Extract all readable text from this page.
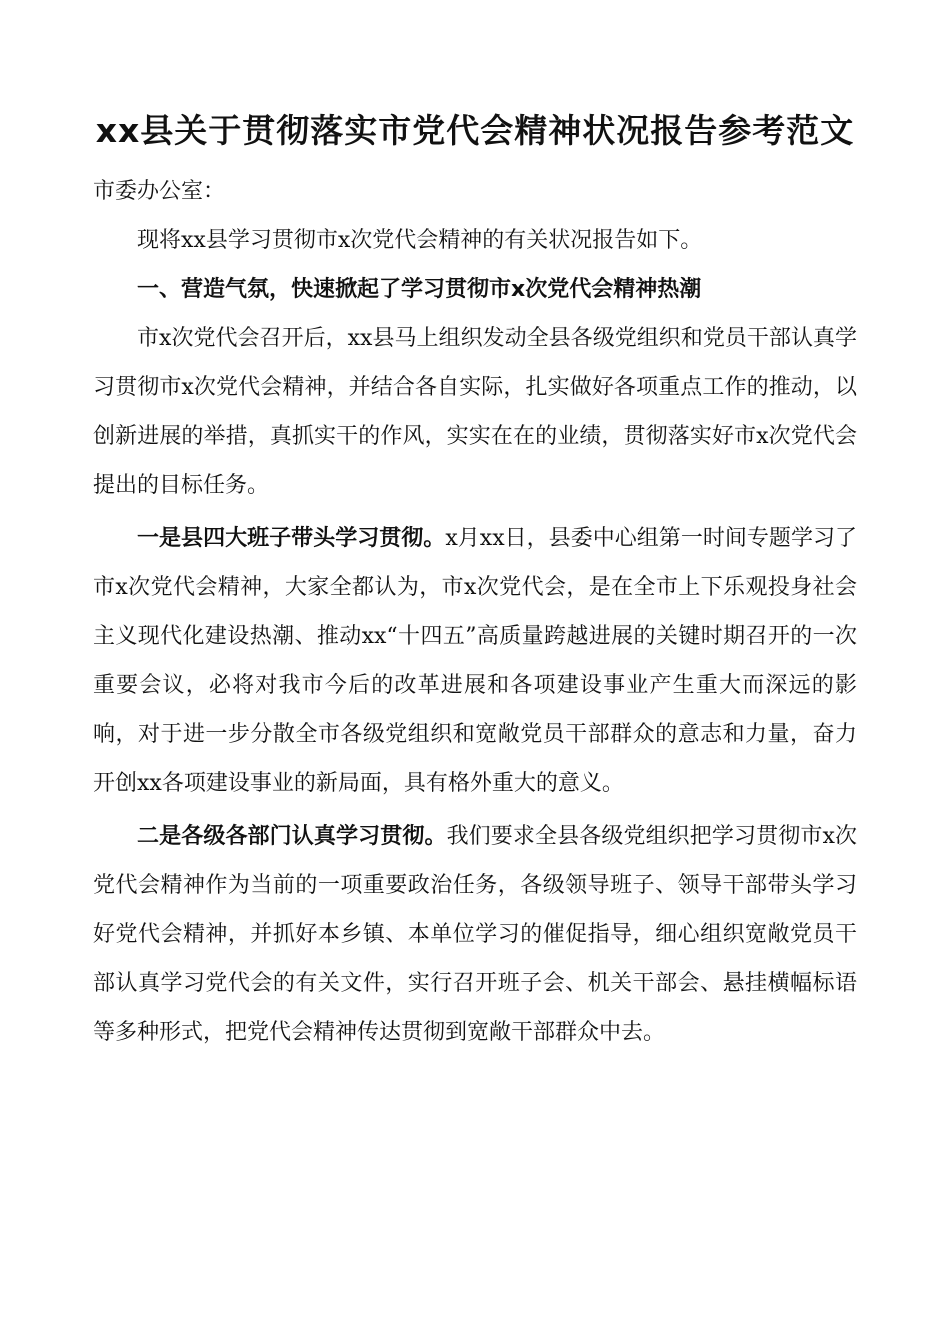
xx县关于贯彻落实市党代会精神状况报告参考范文

市委办公室：

现将xx县学习贯彻市x次党代会精神的有关状况报告如下。

一、营造气氛，快速掀起了学习贯彻市x次党代会精神热潮

市x次党代会召开后，xx县马上组织发动全县各级党组织和党员干部认真学习贯彻市x次党代会精神，并结合各自实际，扎实做好各项重点工作的推动，以创新进展的举措，真抓实干的作风，实实在在的业绩，贯彻落实好市x次党代会提出的目标任务。

一是县四大班子带头学习贯彻。x月xx日，县委中心组第一时间专题学习了市x次党代会精神，大家全都认为，市x次党代会，是在全市上下乐观投身社会主义现代化建设热潮、推动xx“十四五”高质量跨越进展的关键时期召开的一次重要会议，必将对我市今后的改革进展和各项建设事业产生重大而深远的影响，对于进一步分散全市各级党组织和宽敞党员干部群众的意志和力量，奋力开创xx各项建设事业的新局面，具有格外重大的意义。

二是各级各部门认真学习贯彻。我们要求全县各级党组织把学习贯彻市x次党代会精神作为当前的一项重要政治任务，各级领导班子、领导干部带头学习好党代会精神，并抓好本乡镇、本单位学习的催促指导，细心组织宽敞党员干部认真学习党代会的有关文件，实行召开班子会、机关干部会、悬挂横幅标语等多种形式，把党代会精神传达贯彻到宽敞干部群众中去。
